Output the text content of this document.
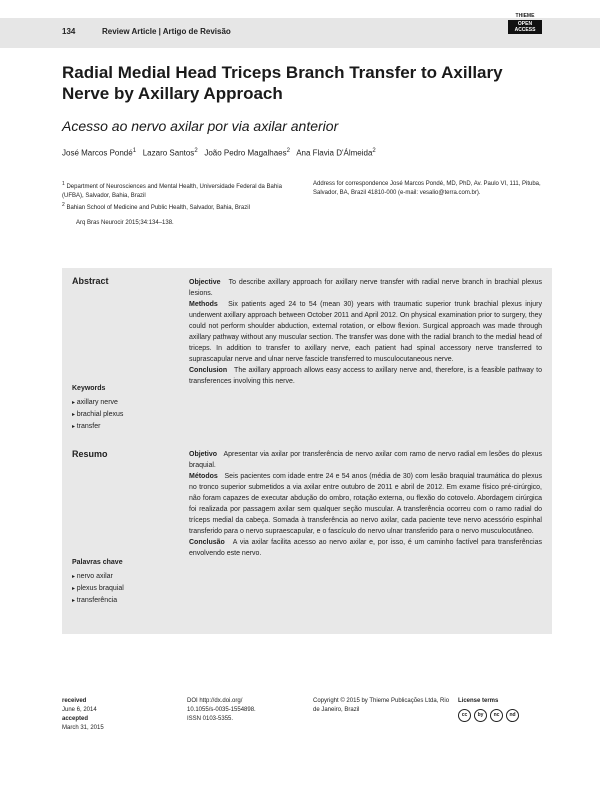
134	Review Article | Artigo de Revisão
THIEME
OPEN ACCESS
Radial Medial Head Triceps Branch Transfer to Axillary Nerve by Axillary Approach
Acesso ao nervo axilar por via axilar anterior
José Marcos Pondé$^1$ Lazaro Santos$^2$ João Pedro Magalhaes$^2$ Ana Flavia D'Álmeida$^2$
$^1$ Department of Neurosciences and Mental Health, Universidade Federal da Bahia (UFBA), Salvador, Bahia, Brazil
$^2$ Bahian School of Medicine and Public Health, Salvador, Bahia, Brazil
Address for correspondence José Marcos Pondé, MD, PhD, Av. Paulo VI, 111, Pituba, Salvador, BA, Brazil 41810-000 (e-mail: vesalio@terra.com.br).
Arq Bras Neurocir 2015;34:134–138.
Abstract
Keywords
▸ axillary nerve
▸ brachial plexus
▸ transfer
Objective To describe axillary approach for axillary nerve transfer with radial nerve branch in brachial plexus lesions.
Methods Six patients aged 24 to 54 (mean 30) years with traumatic superior trunk brachial plexus injury underwent axillary approach between October 2011 and April 2012. On physical examination prior to surgery, they could not perform shoulder abduction, external rotation, or elbow flexion. Surgical approach was made through axillary pathway without any muscular section. The transfer was done with the radial branch to the medial head of triceps. In addition to transfer to axillary nerve, each patient had spinal accessory nerve transferred to suprascapular nerve and ulnar nerve fascicle transferred to musculocutaneous nerve.
Conclusion The axillary approach allows easy access to axillary nerve and, therefore, is a feasible pathway to transferences involving this nerve.
Resumo
Palavras chave
▸ nervo axilar
▸ plexus braquial
▸ transferência
Objetivo Apresentar via axilar por transferência de nervo axilar com ramo de nervo radial em lesões do plexus braquial.
Métodos Seis pacientes com idade entre 24 e 54 anos (média de 30) com lesão braquial traumática do plexus no tronco superior submetidos a via axilar entre outubro de 2011 e abril de 2012. Em exame físico pré-cirúrgico, não foram capazes de executar abdução do ombro, rotação externa, ou flexão do cotovelo. Abordagem cirúrgica foi realizada por passagem axilar sem qualquer seção muscular. A transferência ocorreu com o ramo radial do tríceps medial da cabeça. Somada à transferência ao nervo axilar, cada paciente teve nervo acessório espinhal transferido para o nervo supraescapular, e o fascículo do nervo ulnar transferido para o nervo musculocutâneo.
Conclusão A via axilar facilita acesso ao nervo axilar e, por isso, é um caminho factível para transferências envolvendo este nervo.
received
June 6, 2014
accepted
March 31, 2015
DOI http://dx.doi.org/
10.1055/s-0035-1554898.
ISSN 0103-5355.
Copyright © 2015 by Thieme Publicações Ltda, Rio de Janeiro, Brazil
License terms
cc by nc nd
